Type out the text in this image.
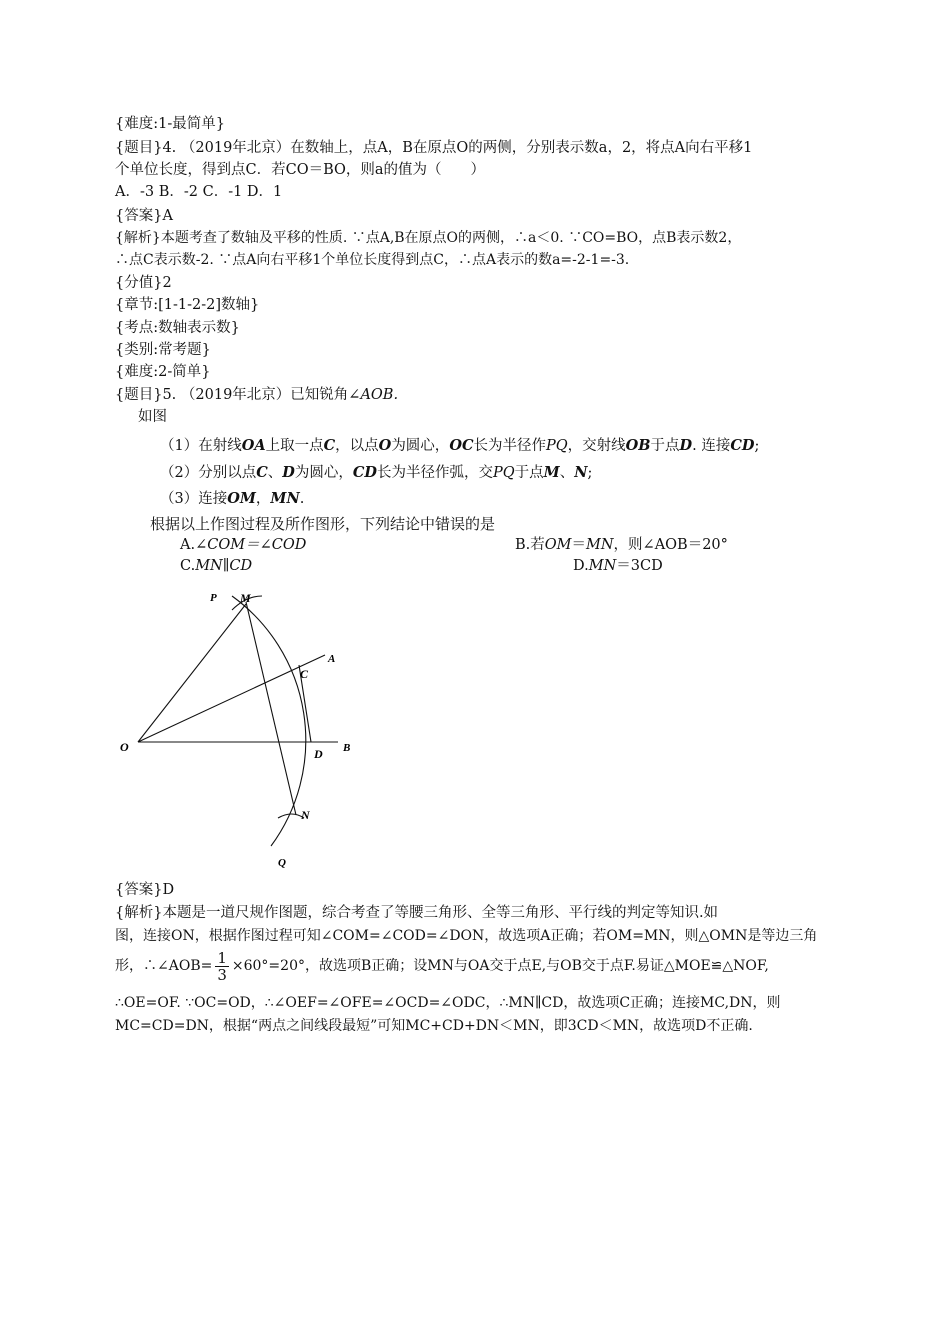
{难度:1-最简单}
{题目}4. （2019年北京）在数轴上，点A，B在原点O的两侧，分别表示数a，2，将点A向右平移1
个单位长度，得到点C．若CO＝BO，则a的值为（　　）
A．-3 B．-2 C．-1 D．1
{答案}A
{解析}本题考查了数轴及平移的性质. ∵点A,B在原点O的两侧，∴a＜0. ∵CO=BO，点B表示数2，
∴点C表示数-2. ∵点A向右平移1个单位长度得到点C，∴点A表示的数a=-2-1=-3.
{分值}2
{章节:[1-1-2-2]数轴}
{考点:数轴表示数}
{类别:常考题}
{难度:2-简单}
{题目}5. （2019年北京）已知锐角∠AOB.
如图
（1）在射线OA上取一点C，以点O为圆心，OC长为半径作PQ，交射线OB于点D. 连接CD;
（2）分别以点C、D为圆心，CD长为半径作弧，交PQ于点M、N;
（3）连接OM，MN.
根据以上作图过程及所作图形，下列结论中错误的是
A.∠COM＝∠COD	B.若OM＝MN，则∠AOB＝20°
C.MN∥CD	D.MN＝3CD
P M
A
C
O	D B
N
Q
{答案}D
{解析}本题是一道尺规作图题，综合考查了等腰三角形、全等三角形、平行线的判定等知识.如
图，连接ON，根据作图过程可知∠COM=∠COD=∠DON，故选项A正确；若OM=MN，则△OMN是等边三角
形，∴∠AOB= $\frac{1}{3} \times 60^\circ=20^\circ$，故选项B正确；设MN与OA交于点E,与OB交于点F.易证△MOE≌△NOF,
∴OE=OF. ∵OC=OD，∴∠OEF=∠OFE=∠OCD=∠ODC，∴MN∥CD，故选项C正确；连接MC,DN，则
MC=CD=DN，根据“两点之间线段最短”可知MC+CD+DN＜MN，即3CD＜MN，故选项D不正确.
